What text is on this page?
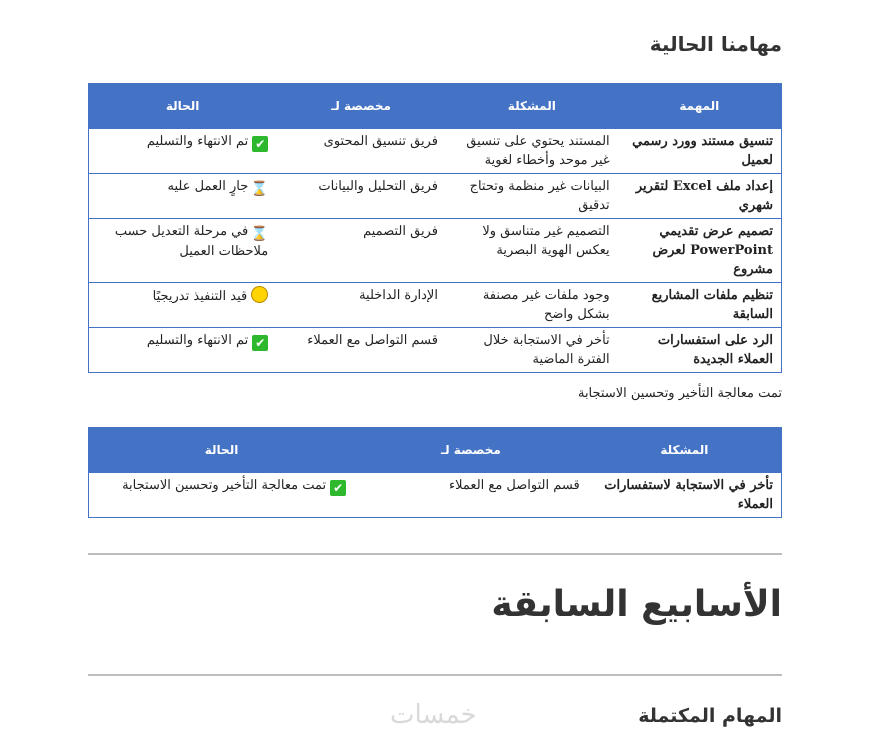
مهامنا الحالية
المهمة	المشكلة	مخصصة لـ	الحالة
تنسيق مستند وورد رسمي لعميل	المستند يحتوي على تنسيق غير موحد وأخطاء لغوية	فريق تنسيق المحتوى	✔تم الانتهاء والتسليم
إعداد ملف Excel لتقرير شهري	البيانات غير منظمة وتحتاج تدقيق	فريق التحليل والبيانات	⌛جارٍ العمل عليه
تصميم عرض تقديمي PowerPoint لعرض مشروع	التصميم غير متناسق ولا يعكس الهوية البصرية	فريق التصميم	⌛في مرحلة التعديل حسب ملاحظات العميل
تنظيم ملفات المشاريع السابقة	وجود ملفات غير مصنفة بشكل واضح	الإدارة الداخلية	قيد التنفيذ تدريجيًا
الرد على استفسارات العملاء الجديدة	تأخر في الاستجابة خلال الفترة الماضية	قسم التواصل مع العملاء	✔تم الانتهاء والتسليم
تمت معالجة التأخير وتحسين الاستجابة
المشكلة	مخصصة لـ	الحالة
تأخر في الاستجابة لاستفسارات العملاء	قسم التواصل مع العملاء	✔تمت معالجة التأخير وتحسين الاستجابة
الأسابيع السابقة
المهام المكتملة
خمسات
